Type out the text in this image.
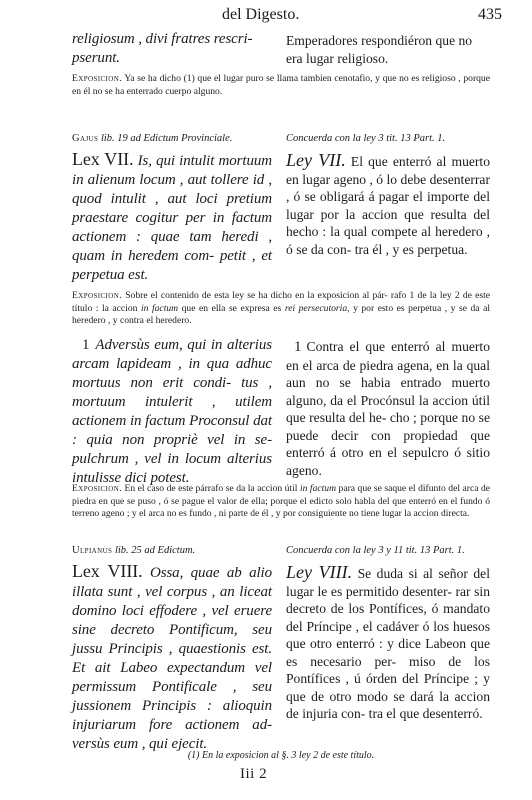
del Digesto.	435
religiosum , divi fratres rescri- pserunt.
Emperadores respondiéron que no era lugar religioso.
Exposicion. Ya se ha dicho (1) que el lugar puro se llama tambien cenotafio, y que no es religioso , porque en él no se ha enterrado cuerpo alguno.
Gajus lib. 19 ad Edictum Provinciale.	Concuerda con la ley 3 tit. 13 Part. 1.
Lex VII. Is, qui intulit mortuum in alienum locum , aut tollere id , quod intulit , aut loci pretium praestare cogitur per in factum actionem : quae tam heredi , quam in heredem com- petit , et perpetua est.
Ley VII. El que enterró al muerto en lugar ageno , ó lo debe desenterrar , ó se obligará á pagar el importe del lugar por la accion que resulta del hecho : la qual compete al heredero , ó se da con- tra él , y es perpetua.
Exposicion. Sobre el contenido de esta ley se ha dicho en la exposicion al pár- rafo 1 de la ley 2 de este título : la accion in factum que en ella se expresa es rei persecutoria, y por esto es perpetua , y se da al heredero , y contra el heredero.
1 Adversùs eum, qui in alterius arcam lapideam , in qua adhuc mortuus non erit condi- tus , mortuum intulerit , utilem actionem in factum Proconsul dat : quia non propriè vel in se- pulchrum , vel in locum alterius intulisse dici potest.
1 Contra el que enterró al muerto en el arca de piedra agena, en la qual aun no se habia entrado muerto alguno, da el Procónsul la accion útil que resulta del he- cho ; porque no se puede decir con propiedad que enterró á otro en el sepulcro ó sitio ageno.
Exposicion. En el caso de este párrafo se da la accion útil in factum para que se saque el difunto del arca de piedra en que se puso , ó se pague el valor de ella; porque el edicto solo habla del que enterró en el fundo ó terreno ageno ; y el arca no es fundo , ni parte de él , y por consiguiente no tiene lugar la accion directa.
Ulpianus lib. 25 ad Edictum.	Concuerda con la ley 3 y 11 tit. 13 Part. 1.
Lex VIII. Ossa, quae ab alio illata sunt , vel corpus , an liceat domino loci effodere , vel eruere sine decreto Pontificum, seu jussu Principis , quaestionis est. Et ait Labeo expectandum vel permissum Pontificale , seu jussionem Principis : alioquin injuriarum fore actionem ad- versùs eum , qui ejecit.
Ley VIII. Se duda si al señor del lugar le es permitido desenter- rar sin decreto de los Pontífices, ó mandato del Príncipe , el cadáver ó los huesos que otro enterró : y dice Labeon que es necesario per- miso de los Pontífices , ú órden del Príncipe ; y que de otro modo se dará la accion de injuria con- tra el que desenterró.
(1) En la exposicion al §. 3 ley 2 de este título.
Iii 2
